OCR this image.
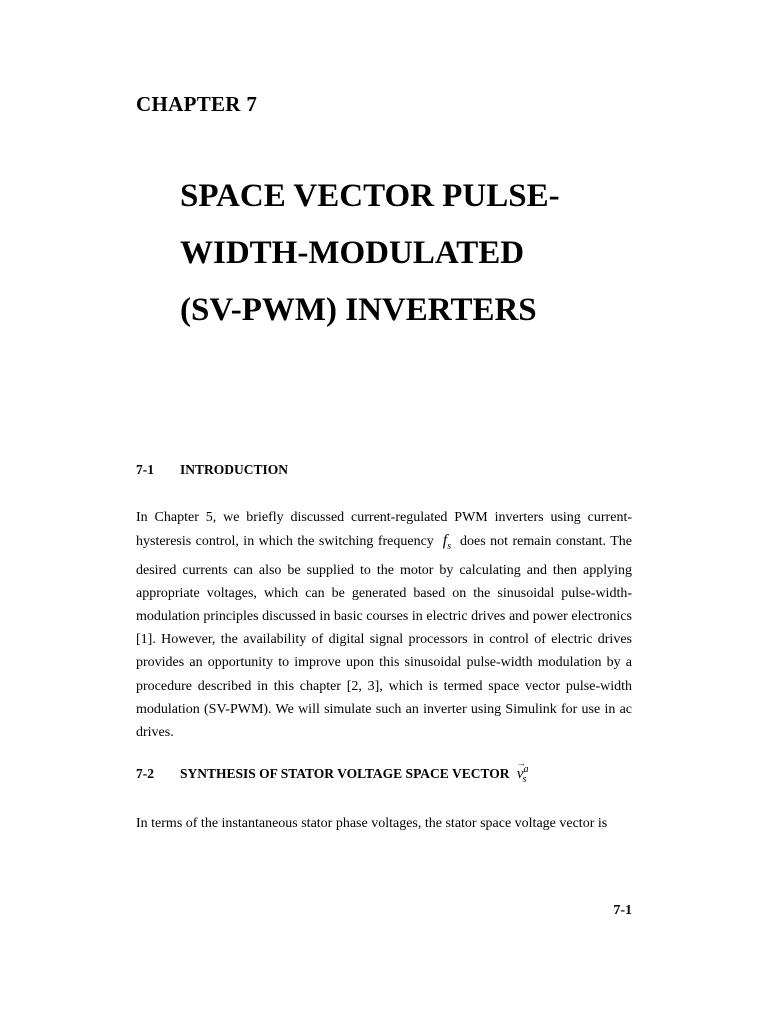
CHAPTER 7
SPACE VECTOR PULSE-
WIDTH-MODULATED
(SV-PWM) INVERTERS
7-1 INTRODUCTION

In Chapter 5, we briefly discussed current-regulated PWM inverters using current-hysteresis control, in which the switching frequency $f_s$ does not remain constant. The desired currents can also be supplied to the motor by calculating and then applying appropriate voltages, which can be generated based on the sinusoidal pulse-width-modulation principles discussed in basic courses in electric drives and power electronics [1]. However, the availability of digital signal processors in control of electric drives provides an opportunity to improve upon this sinusoidal pulse-width modulation by a procedure described in this chapter [2, 3], which is termed space vector pulse-width modulation (SV-PWM). We will simulate such an inverter using Simulink for use in ac drives.

7-2 SYNTHESIS OF STATOR VOLTAGE SPACE VECTOR
→
$v^a_s$

In terms of the instantaneous stator phase voltages, the stator space voltage vector is

7-1
